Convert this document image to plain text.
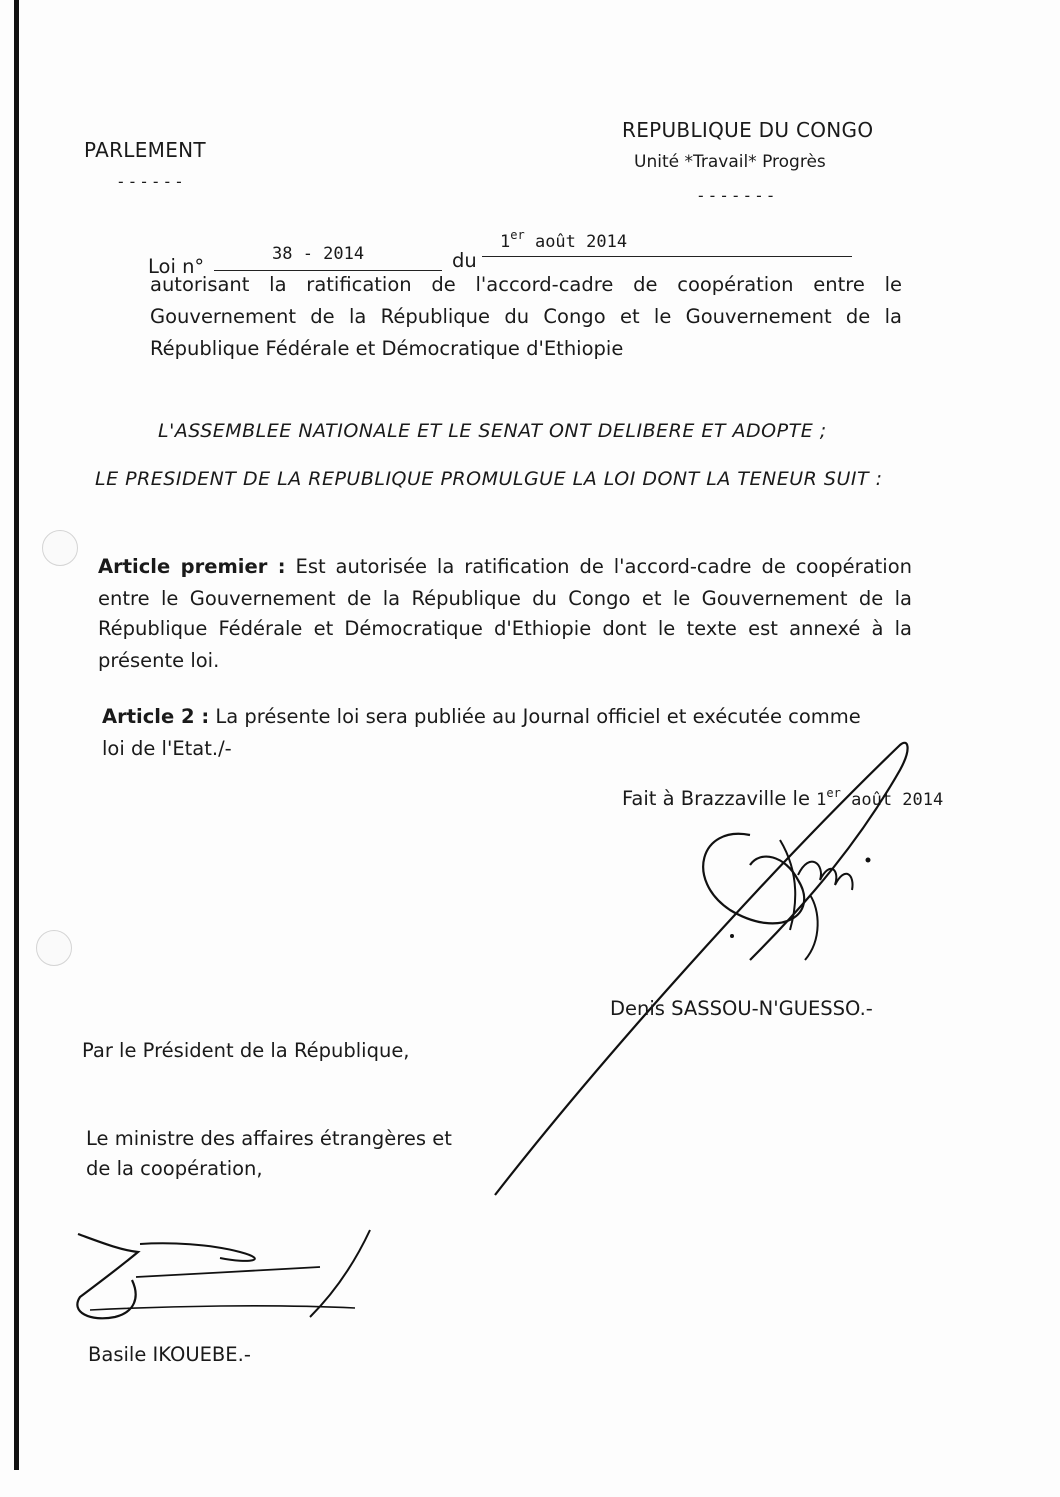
PARLEMENT
------
REPUBLIQUE DU CONGO
Unité *Travail* Progrès
-------
Loi n°
38 - 2014	du
1er août 2014
autorisant la ratification de l'accord-cadre de coopération entre le
Gouvernement de la République du Congo et le Gouvernement de la
République Fédérale et Démocratique d'Ethiopie
L'ASSEMBLEE NATIONALE ET LE SENAT ONT DELIBERE ET ADOPTE ;
LE PRESIDENT DE LA REPUBLIQUE PROMULGUE LA LOI DONT LA TENEUR SUIT :
Article premier : Est autorisée la ratification de l'accord-cadre de coopération
entre le Gouvernement de la République du Congo et le Gouvernement de la
République Fédérale et Démocratique d'Ethiopie dont le texte est annexé à la
présente loi.
Article 2 : La présente loi sera publiée au Journal officiel et exécutée comme
loi de l'Etat./-
Fait à Brazzaville le 1er août 2014
Denis SASSOU-N'GUESSO.-
Par le Président de la République,
Le ministre des affaires étrangères et
de la coopération,
Basile IKOUEBE.-
